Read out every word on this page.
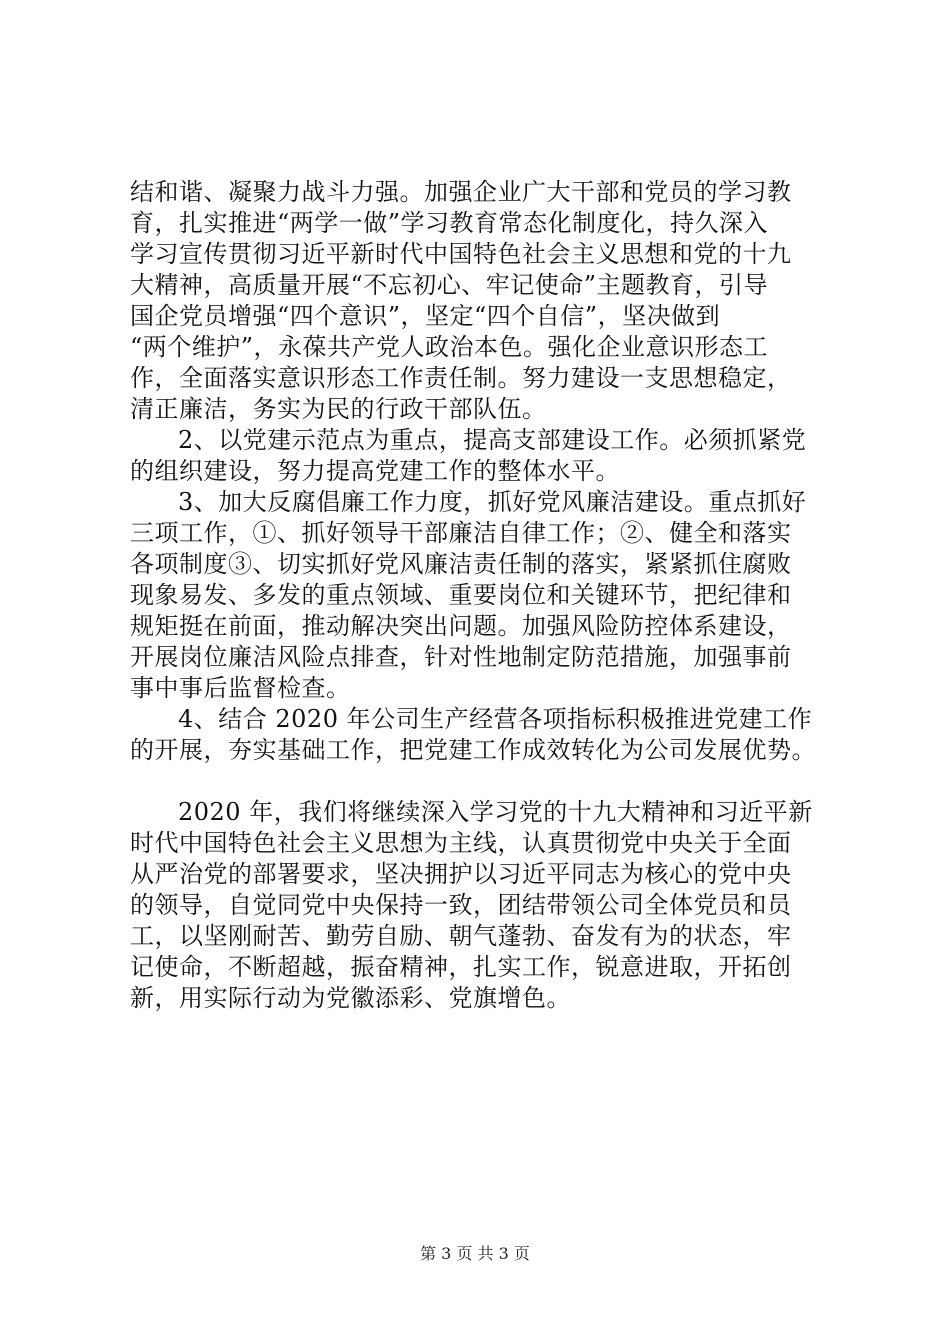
结和谐、凝聚力战斗力强。加强企业广大干部和党员的学习教
育，扎实推进“两学一做”学习教育常态化制度化，持久深入
学习宣传贯彻习近平新时代中国特色社会主义思想和党的十九
大精神，高质量开展“不忘初心、牢记使命”主题教育，引导
国企党员增强“四个意识”，坚定“四个自信”，坚决做到
“两个维护”，永葆共产党人政治本色。强化企业意识形态工
作，全面落实意识形态工作责任制。努力建设一支思想稳定，
清正廉洁，务实为民的行政干部队伍。
2、以党建示范点为重点，提高支部建设工作。必须抓紧党
的组织建设，努力提高党建工作的整体水平。
3、加大反腐倡廉工作力度，抓好党风廉洁建设。重点抓好
三项工作，①、抓好领导干部廉洁自律工作；②、健全和落实
各项制度③、切实抓好党风廉洁责任制的落实，紧紧抓住腐败
现象易发、多发的重点领域、重要岗位和关键环节，把纪律和
规矩挺在前面，推动解决突出问题。加强风险防控体系建设，
开展岗位廉洁风险点排查，针对性地制定防范措施，加强事前
事中事后监督检查。
4、结合 2020 年公司生产经营各项指标积极推进党建工作
的开展，夯实基础工作，把党建工作成效转化为公司发展优势。
2020 年，我们将继续深入学习党的十九大精神和习近平新
时代中国特色社会主义思想为主线，认真贯彻党中央关于全面
从严治党的部署要求，坚决拥护以习近平同志为核心的党中央
的领导，自觉同党中央保持一致，团结带领公司全体党员和员
工，以坚刚耐苦、勤劳自励、朝气蓬勃、奋发有为的状态，牢
记使命，不断超越，振奋精神，扎实工作，锐意进取，开拓创
新，用实际行动为党徽添彩、党旗增色。
第 3 页 共 3 页
